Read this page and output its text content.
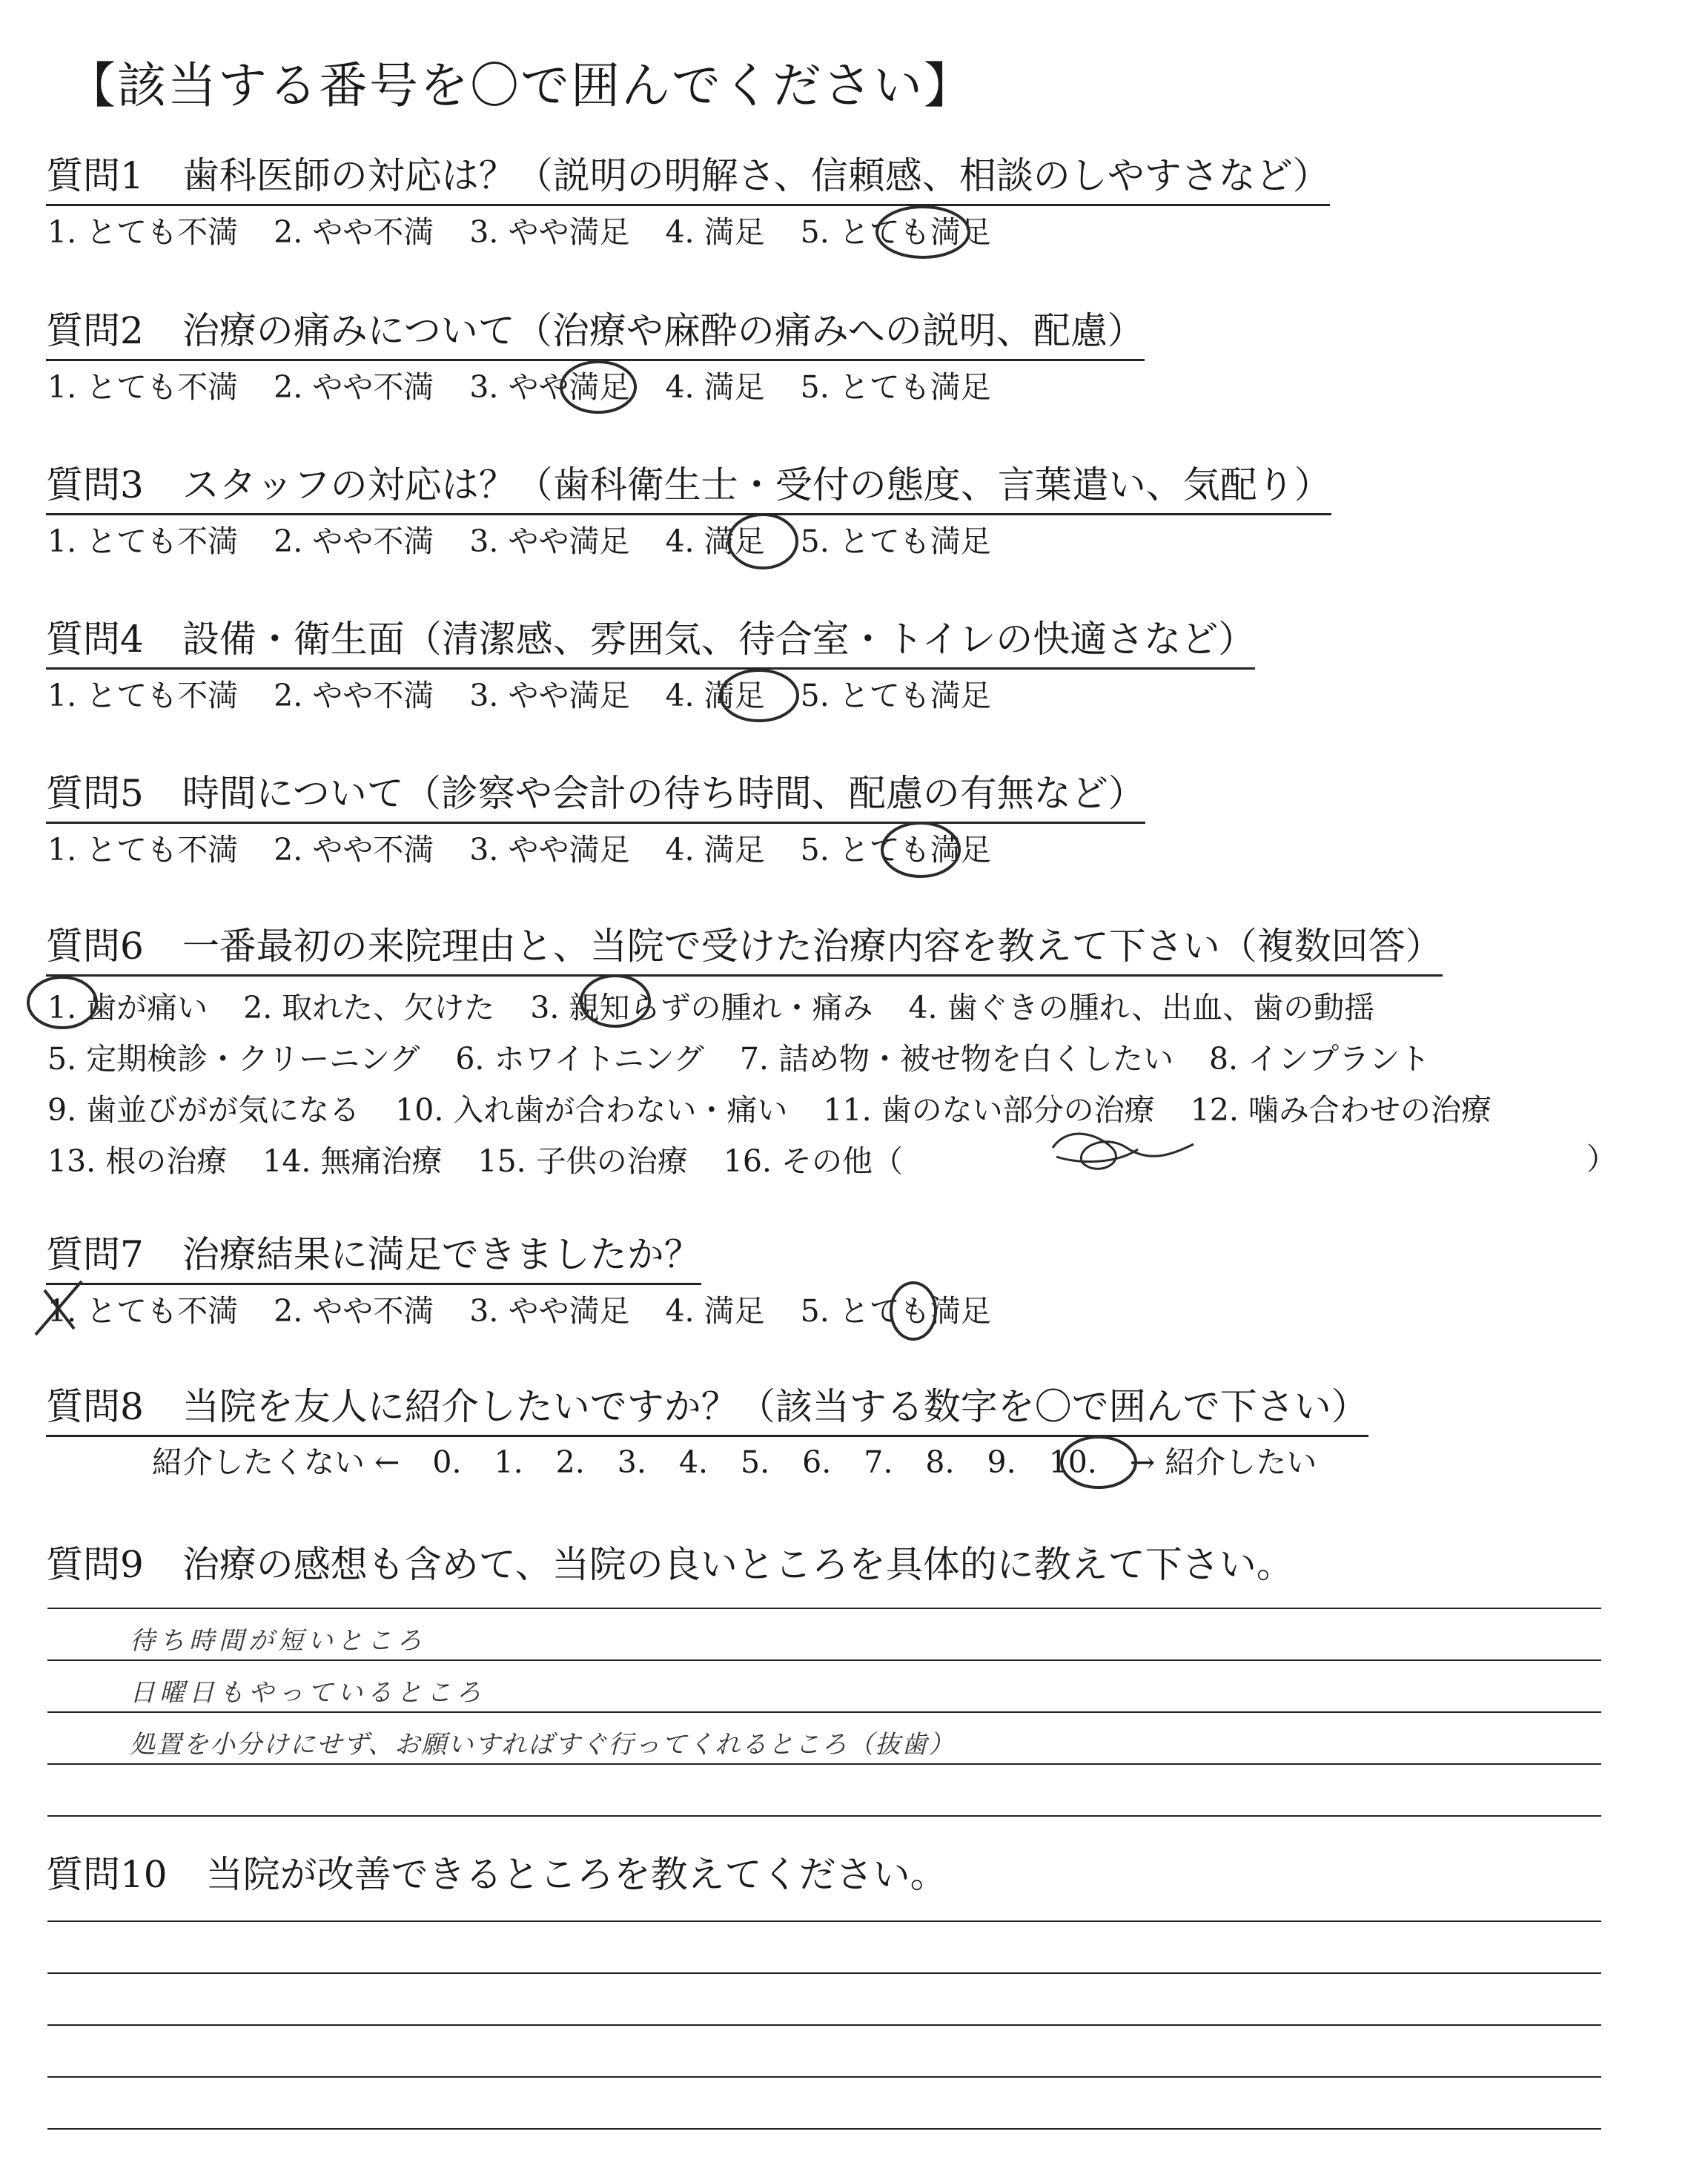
【該当する番号を〇で囲んでください】
質問1 歯科医師の対応は？（説明の明解さ、信頼感、相談のしやすさなど）
1. とても不満 2. やや不満 3. やや満足 4. 満足 5. とても満足
質問2 治療の痛みについて（治療や麻酔の痛みへの説明、配慮）
1. とても不満 2. やや不満 3. やや満足 4. 満足 5. とても満足
質問3 スタッフの対応は？（歯科衛生士・受付の態度、言葉遣い、気配り）
1. とても不満 2. やや不満 3. やや満足 4. 満足 5. とても満足
質問4 設備・衛生面（清潔感、雰囲気、待合室・トイレの快適さなど）
1. とても不満 2. やや不満 3. やや満足 4. 満足 5. とても満足
質問5 時間について（診察や会計の待ち時間、配慮の有無など）
1. とても不満 2. やや不満 3. やや満足 4. 満足 5. とても満足
質問6 一番最初の来院理由と、当院で受けた治療内容を教えて下さい（複数回答）
1. 歯が痛い 2. 取れた、欠けた 3. 親知らずの腫れ・痛み 4. 歯ぐきの腫れ、出血、歯の動揺
5. 定期検診・クリーニング 6. ホワイトニング 7. 詰め物・被せ物を白くしたい 8. インプラント
9. 歯並びがが気になる 10. 入れ歯が合わない・痛い 11. 歯のない部分の治療 12. 噛み合わせの治療
13. 根の治療 14. 無痛治療 15. 子供の治療 16. その他（	）
質問7 治療結果に満足できましたか？
1. とても不満 2. やや不満 3. やや満足 4. 満足 5. とても満足
質問8 当院を友人に紹介したいですか？（該当する数字を〇で囲んで下さい）
紹介したくない ← 0. 1. 2. 3. 4. 5. 6. 7. 8. 9. 10. → 紹介したい
質問9 治療の感想も含めて、当院の良いところを具体的に教えて下さい。
待ち時間が短いところ
日曜日もやっているところ
処置を小分けにせず、お願いすればすぐ行ってくれるところ（抜歯）
質問10 当院が改善できるところを教えてください。
